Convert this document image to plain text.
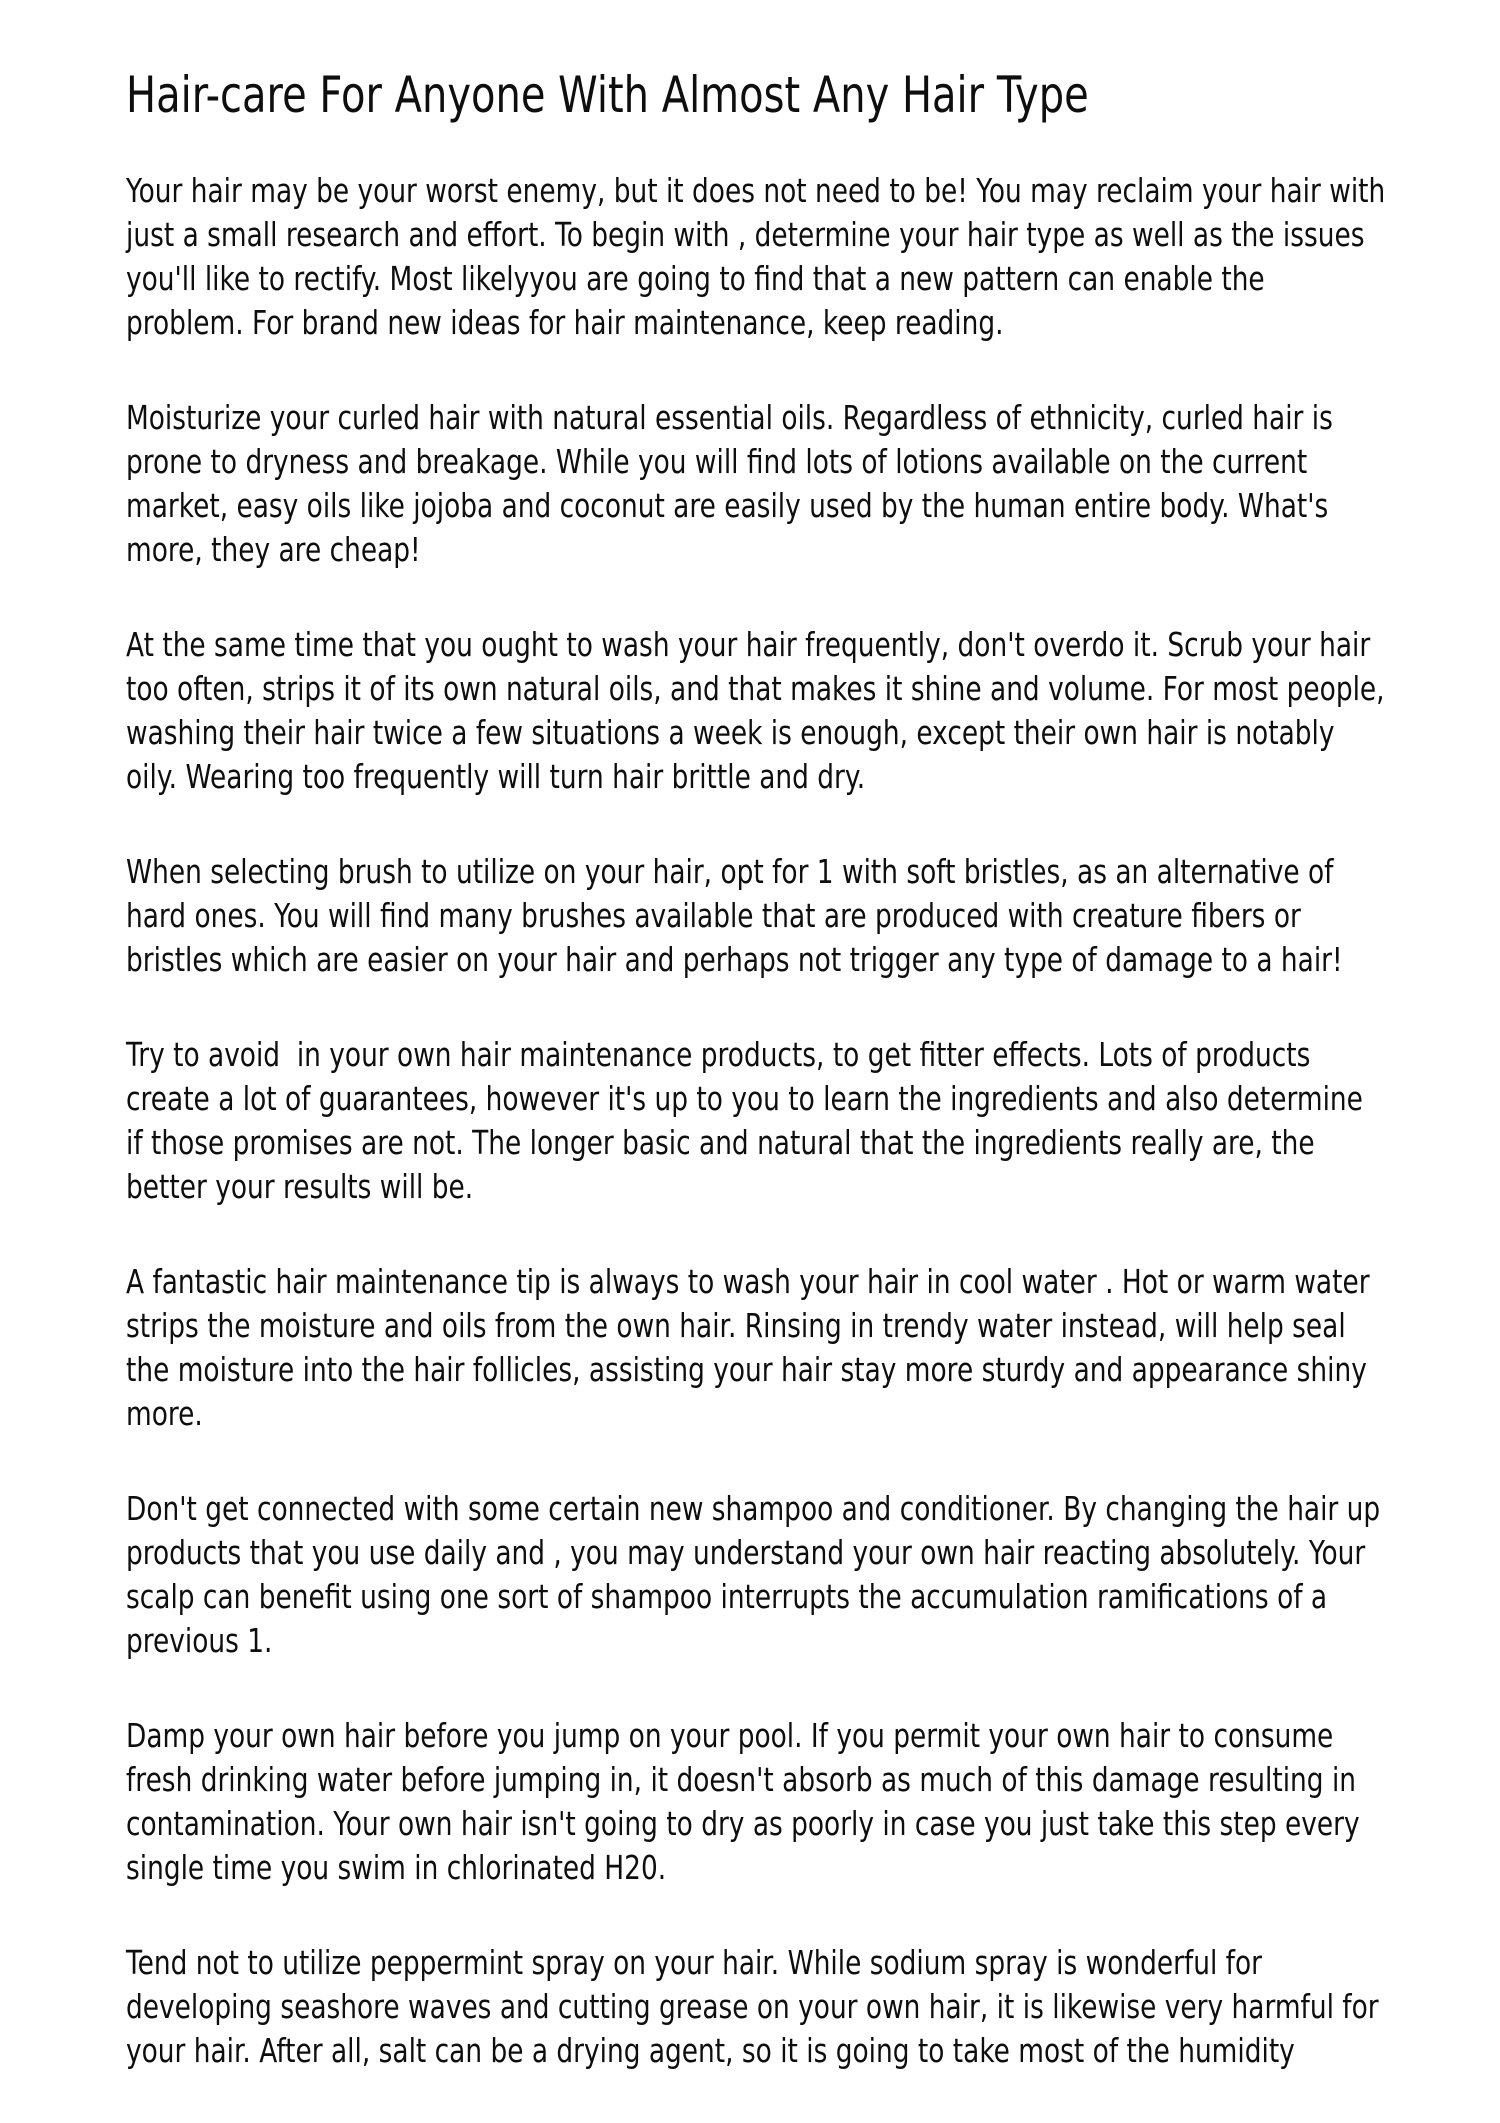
Hair-care For Anyone With Almost Any Hair Type

Your hair may be your worst enemy, but it does not need to be! You may reclaim your hair with just a small research and effort. To begin with , determine your hair type as well as the issues you'll like to rectify. Most likelyyou are going to find that a new pattern can enable the problem. For brand new ideas for hair maintenance, keep reading.

Moisturize your curled hair with natural essential oils. Regardless of ethnicity, curled hair is prone to dryness and breakage. While you will find lots of lotions available on the current market, easy oils like jojoba and coconut are easily used by the human entire body. What's more, they are cheap!

At the same time that you ought to wash your hair frequently, don't overdo it. Scrub your hair too often, strips it of its own natural oils, and that makes it shine and volume. For most people, washing their hair twice a few situations a week is enough, except their own hair is notably oily. Wearing too frequently will turn hair brittle and dry.

When selecting brush to utilize on your hair, opt for 1 with soft bristles, as an alternative of hard ones. You will find many brushes available that are produced with creature fibers or bristles which are easier on your hair and perhaps not trigger any type of damage to a hair!

Try to avoid  in your own hair maintenance products, to get fitter effects. Lots of products create a lot of guarantees, however it's up to you to learn the ingredients and also determine if those promises are not. The longer basic and natural that the ingredients really are, the better your results will be.

A fantastic hair maintenance tip is always to wash your hair in cool water . Hot or warm water strips the moisture and oils from the own hair. Rinsing in trendy water instead, will help seal the moisture into the hair follicles, assisting your hair stay more sturdy and appearance shiny more.

Don't get connected with some certain new shampoo and conditioner. By changing the hair up products that you use daily and , you may understand your own hair reacting absolutely. Your scalp can benefit using one sort of shampoo interrupts the accumulation ramifications of a previous 1.

Damp your own hair before you jump on your pool. If you permit your own hair to consume fresh drinking water before jumping in, it doesn't absorb as much of this damage resulting in contamination. Your own hair isn't going to dry as poorly in case you just take this step every single time you swim in chlorinated H20.

Tend not to utilize peppermint spray on your hair. While sodium spray is wonderful for developing seashore waves and cutting grease on your own hair, it is likewise very harmful for your hair. After all, salt can be a drying agent, so it is going to take most of the humidity
